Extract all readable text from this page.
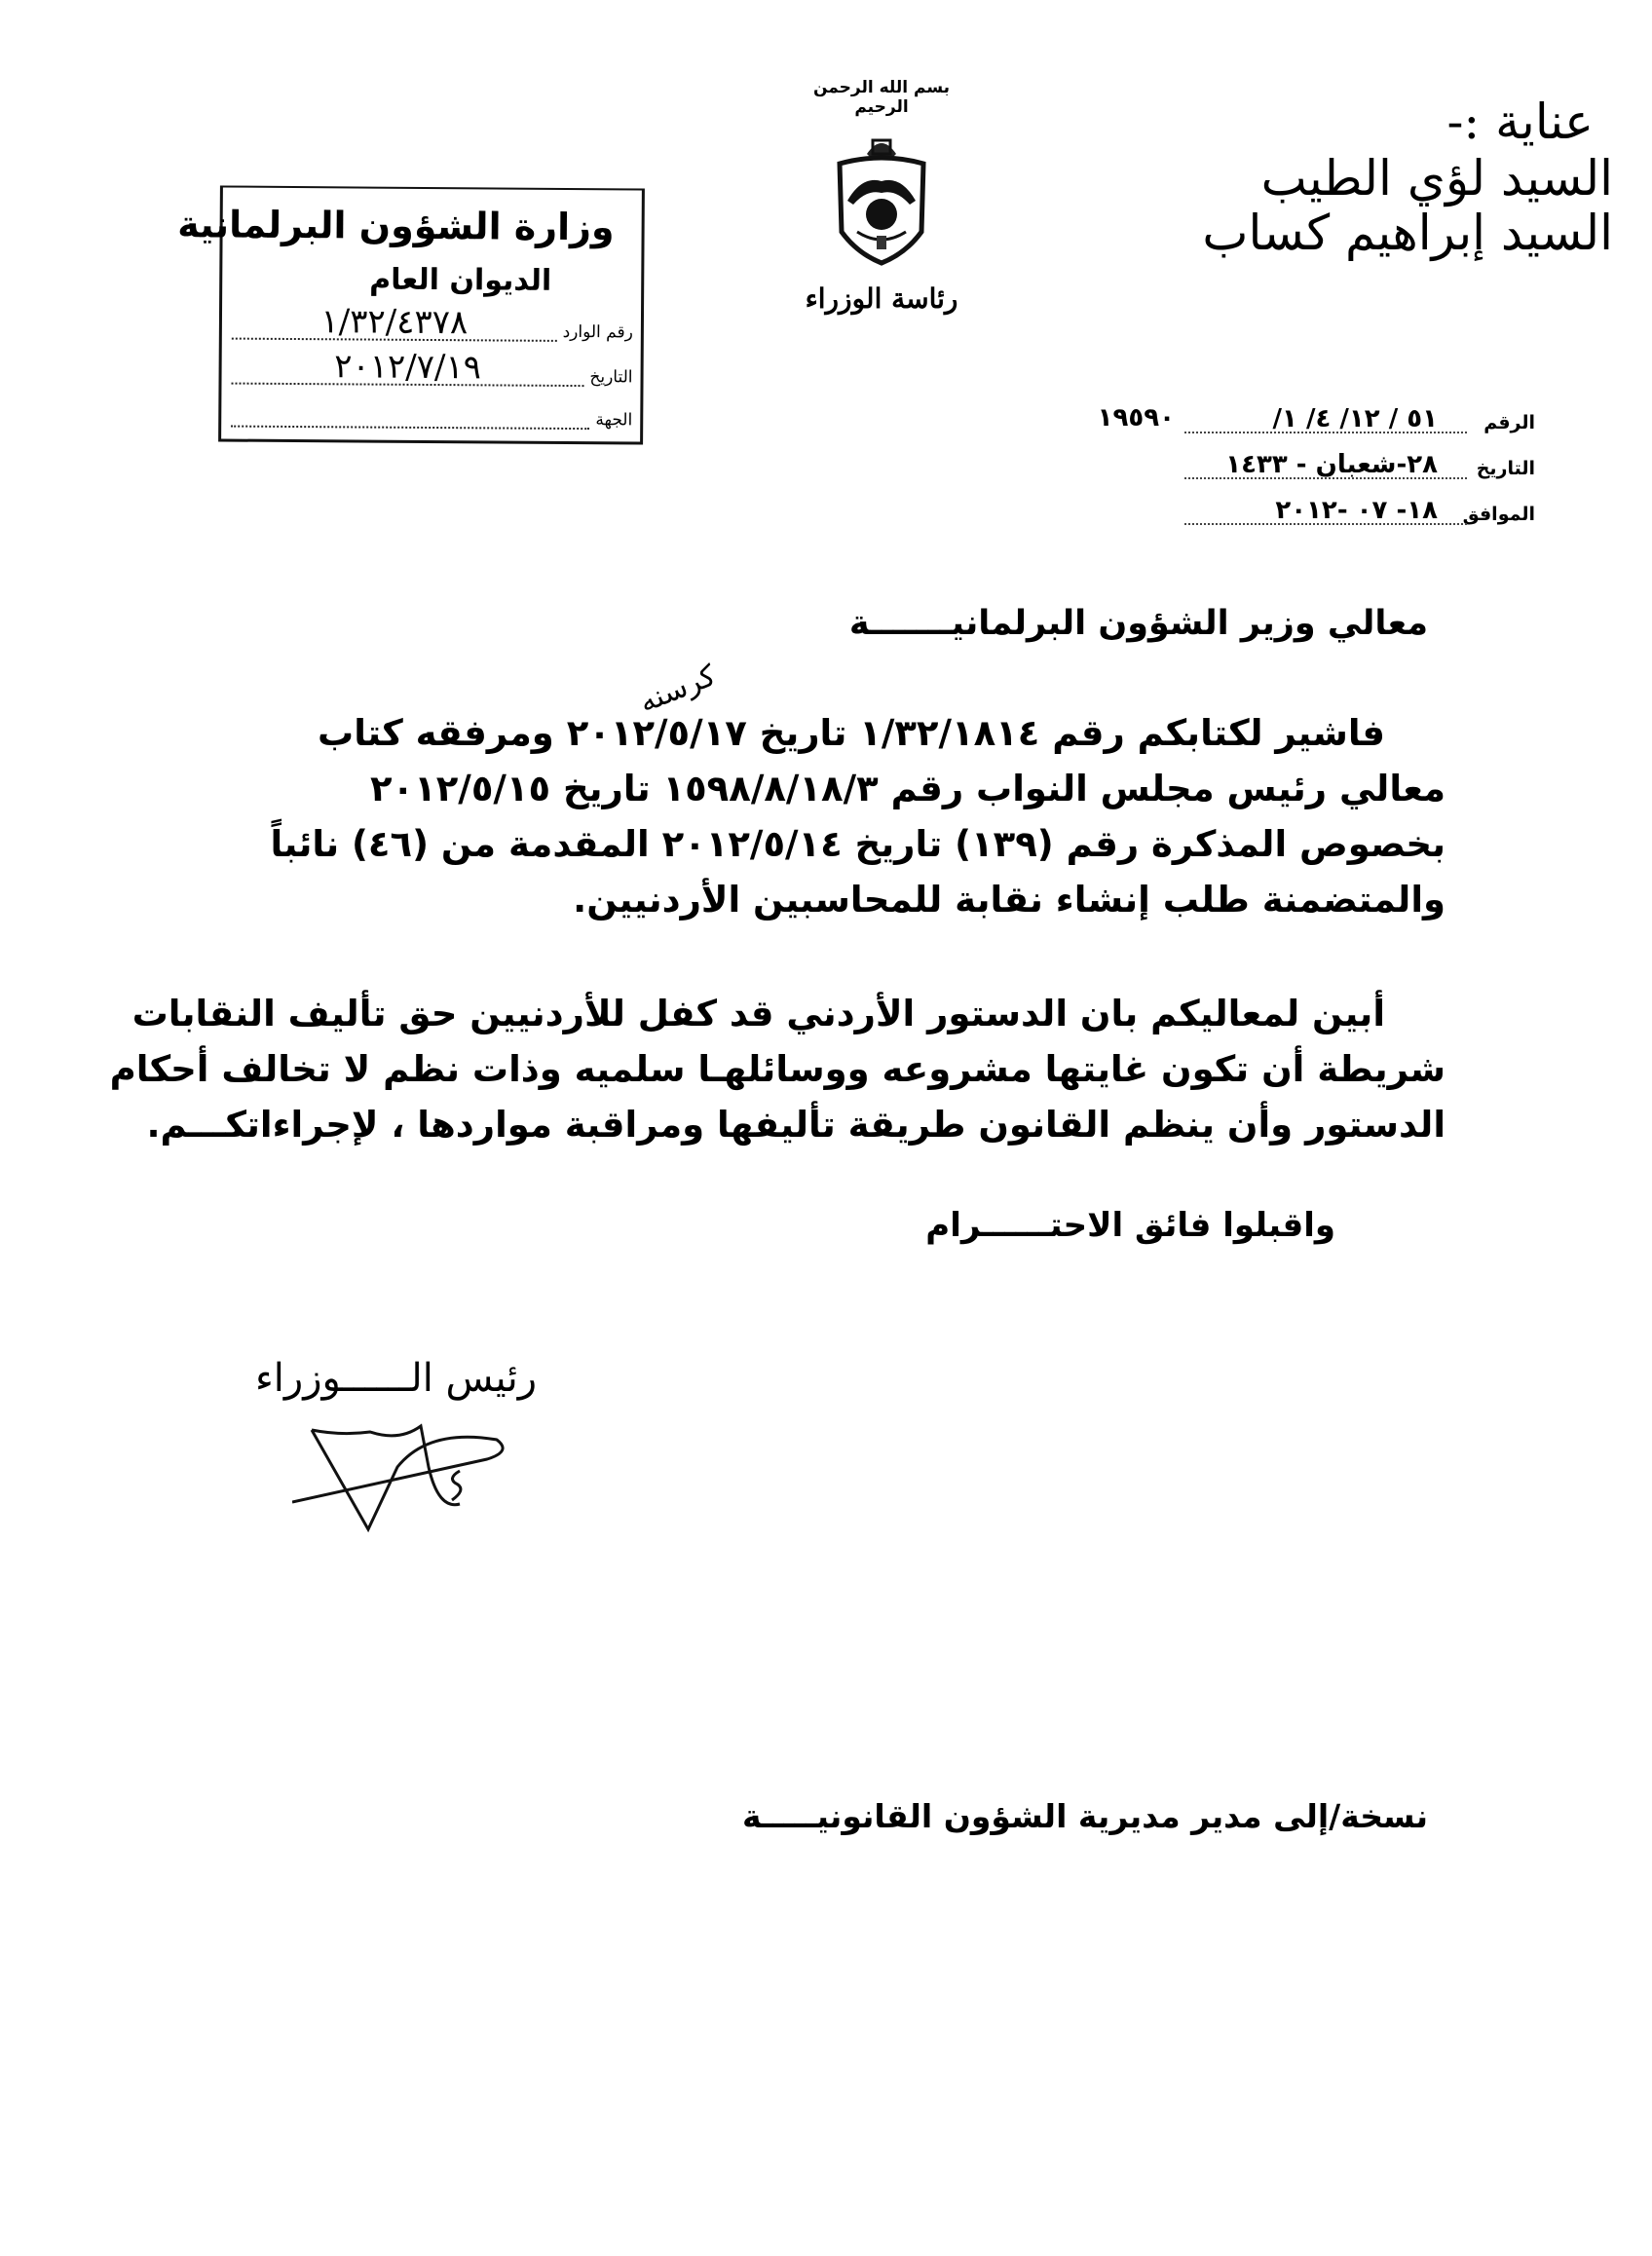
عناية :-
السيد لؤي الطيب
السيد إبراهيم كساب
وزارة الشؤون البرلمانية
الديوان العام
رقم الوارد
١/٣٢/٤٣٧٨
التاريخ
٢٠١٢/٧/١٩
الجهة
بسم الله الرحمن الرحيم
رئاسة الوزراء
الرقم
٥١ / ١٢/ ٤/ ١/
١٩٥٩٠
التاريخ
٢٨-شعبان - ١٤٣٣
الموافق
١٨- ٠٧ -٢٠١٢
معالي وزير الشؤون البرلمانيـــــــة
كرسنه
فاشير لكتابكم رقم ١/٣٢/١٨١٤ تاريخ ٢٠١٢/٥/١٧ ومرفقه كتاب
معالي رئيس مجلس النواب رقم ١٥٩٨/٨/١٨/٣ تاريخ ٢٠١٢/٥/١٥
بخصوص المذكرة رقم (١٣٩) تاريخ ٢٠١٢/٥/١٤ المقدمة من (٤٦) نائباً
والمتضمنة طلب إنشاء نقابة للمحاسبين الأردنيين.
أبين لمعاليكم بان الدستور الأردني قد كفل للأردنيين حق تأليف النقابات
شريطة أن تكون غايتها مشروعه ووسائلهـا سلميه وذات نظم لا تخالف أحكام
الدستور وأن ينظم القانون طريقة تأليفها ومراقبة مواردها ، لإجراءاتكـــم.
واقبلوا فائق الاحتــــــرام
رئيس الــــــوزراء
نسخة/إلى مدير مديرية الشؤون القانونيـــــة
